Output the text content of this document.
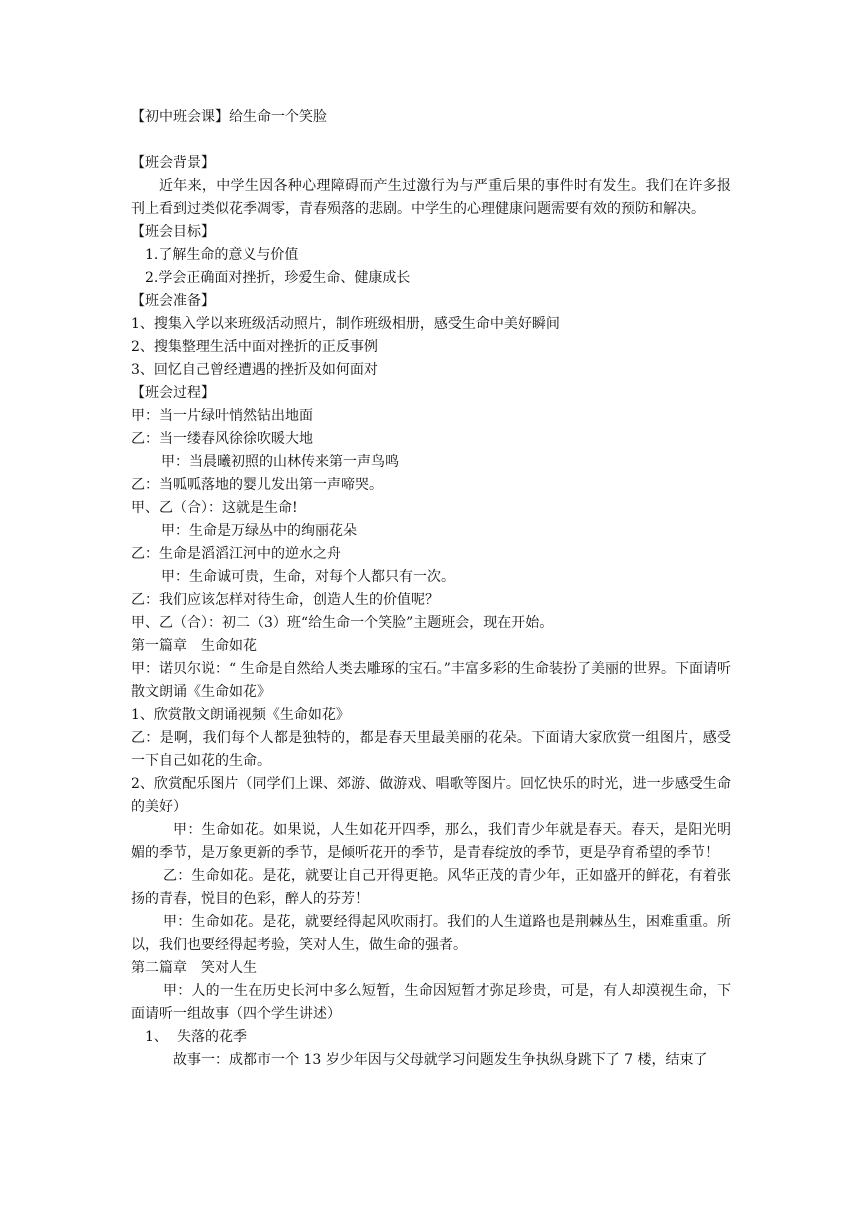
【初中班会课】给生命一个笑脸

【班会背景】

近年来，中学生因各种心理障碍而产生过激行为与严重后果的事件时有发生。我们在许多报刊上看到过类似花季凋零，青春殒落的悲剧。中学生的心理健康问题需要有效的预防和解决。

【班会目标】

1.了解生命的意义与价值

2.学会正确面对挫折，珍爱生命、健康成长

【班会准备】

1、搜集入学以来班级活动照片，制作班级相册，感受生命中美好瞬间

2、搜集整理生活中面对挫折的正反事例

3、回忆自己曾经遭遇的挫折及如何面对

【班会过程】

甲：当一片绿叶悄然钻出地面

乙：当一缕春风徐徐吹暖大地

甲：当晨曦初照的山林传来第一声鸟鸣

乙：当呱呱落地的婴儿发出第一声啼哭。

甲、乙（合）：这就是生命!

甲：生命是万绿丛中的绚丽花朵

乙：生命是滔滔江河中的逆水之舟

甲：生命诚可贵，生命，对每个人都只有一次。

乙：我们应该怎样对待生命，创造人生的价值呢？

甲、乙（合）：初二（3）班“给生命一个笑脸”主题班会，现在开始。

第一篇章　生命如花

甲：诺贝尔说：“ 生命是自然给人类去雕琢的宝石。”丰富多彩的生命装扮了美丽的世界。下面请听散文朗诵《生命如花》

1、欣赏散文朗诵视频《生命如花》

乙：是啊，我们每个人都是独特的，都是春天里最美丽的花朵。下面请大家欣赏一组图片，感受一下自己如花的生命。

2、欣赏配乐图片（同学们上课、郊游、做游戏、唱歌等图片。回忆快乐的时光，进一步感受生命的美好）

甲：生命如花。如果说，人生如花开四季，那么，我们青少年就是春天。春天，是阳光明媚的季节，是万象更新的季节，是倾听花开的季节，是青春绽放的季节，更是孕育希望的季节！

乙：生命如花。是花，就要让自己开得更艳。风华正茂的青少年，正如盛开的鲜花，有着张扬的青春，悦目的色彩，醉人的芬芳！

甲：生命如花。是花，就要经得起风吹雨打。我们的人生道路也是荆棘丛生，困难重重。所以，我们也要经得起考验，笑对人生，做生命的强者。

第二篇章　笑对人生

甲：人的一生在历史长河中多么短暂，生命因短暂才弥足珍贵，可是，有人却漠视生命，下面请听一组故事（四个学生讲述）

1、 失落的花季

故事一：成都市一个 13 岁少年因与父母就学习问题发生争执纵身跳下了 7 楼，结束了
